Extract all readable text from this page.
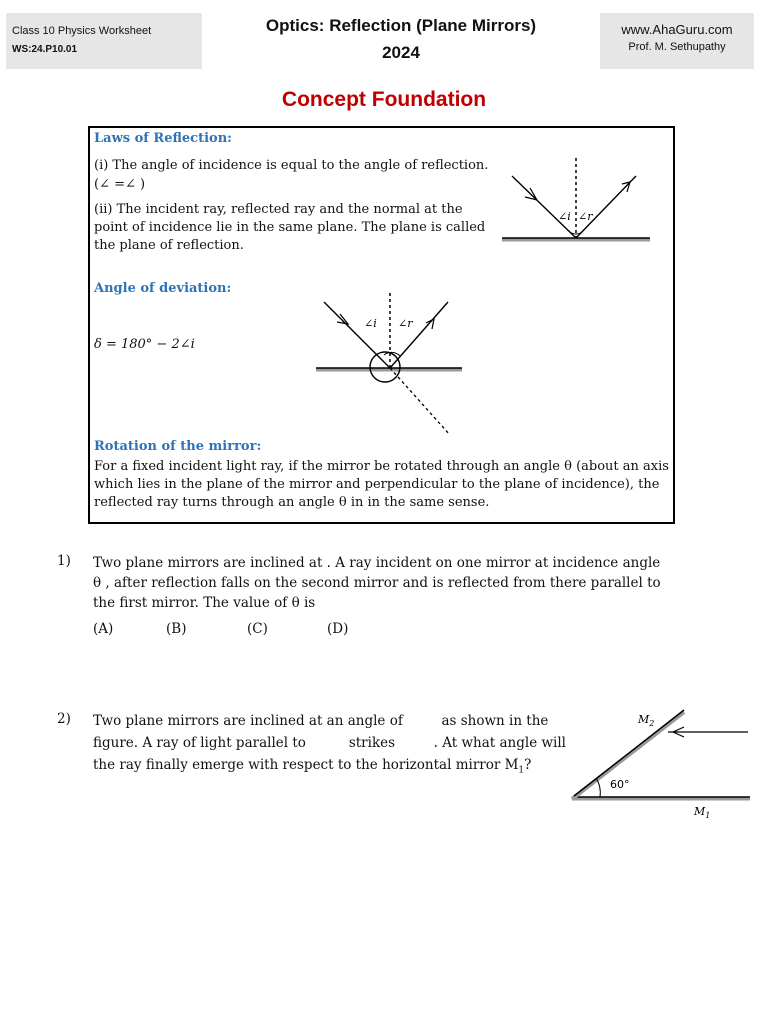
Class 10 Physics Worksheet
WS:24.P10.01
Optics: Reflection (Plane Mirrors)
2024
www.AhaGuru.com
Prof. M. Sethupathy
Concept Foundation
Laws of Reflection:
(i) The angle of incidence is equal to the angle of reflection.
(∠ =∠ )
(ii) The incident ray, reflected ray and the normal at the point of incidence lie in the same plane. The plane is called the plane of reflection.
∠i ∠r
Angle of deviation:
δ = 180° − 2∠i
∠i ∠r
Rotation of the mirror:
For a fixed incident light ray, if the mirror be rotated through an angle θ (about an axis which lies in the plane of the mirror and perpendicular to the plane of incidence), the reflected ray turns through an angle θ in in the same sense.
1) Two plane mirrors are inclined at . A ray incident on one mirror at incidence angle θ , after reflection falls on the second mirror and is reflected from there parallel to the first mirror. The value of θ is
(A)	(B)	(C)	(D)
2) Two plane mirrors are inclined at an angle of         as shown in the
figure. A ray of light parallel to          strikes         . At what angle will
the ray finally emerge with respect to the horizontal mirror $M_1$?
60°
$M_2$
$M_1$
